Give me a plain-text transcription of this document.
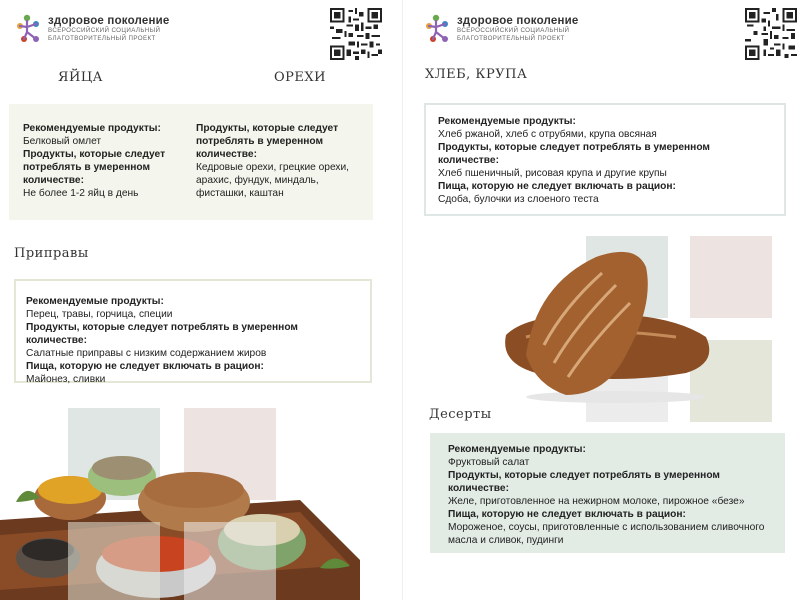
здоровое поколение
ВСЕРОССИЙСКИЙ СОЦИАЛЬНЫЙ
БЛАГОТВОРИТЕЛЬНЫЙ ПРОЕКТ
ЯЙЦА	ОРЕХИ
Рекомендуемые продукты:
Белковый омлет
Продукты, которые следует потреблять в умеренном количестве:
Не более 1-2 яйц в день
Продукты, которые следует потреблять в умеренном количестве:
Кедровые орехи, грецкие орехи, арахис, фундук, миндаль, фисташки, каштан
Приправы
Рекомендуемые продукты:
Перец, травы, горчица, специи
Продукты, которые следует потреблять в умеренном количестве:
Салатные приправы с низким содержанием жиров
Пища, которую не следует включать в рацион:
Майонез, сливки
здоровое поколение
ВСЕРОССИЙСКИЙ СОЦИАЛЬНЫЙ
БЛАГОТВОРИТЕЛЬНЫЙ ПРОЕКТ
ХЛЕБ, КРУПА
Десерты
Рекомендуемые продукты:
Хлеб ржаной, хлеб с отрубями, крупа овсяная
Продукты, которые следует потреблять в умеренном количестве:
Хлеб пшеничный, рисовая крупа и другие крупы
Пища, которую не следует включать в рацион:
Сдоба, булочки из слоеного теста
Рекомендуемые продукты:
Фруктовый салат
Продукты, которые следует потреблять в умеренном количестве:
Желе, приготовленное на нежирном молоке, пирожное «безе»
Пища, которую не следует включать в рацион:
Мороженое, соусы, приготовленные с использованием сливочного масла и сливок, пудинги
